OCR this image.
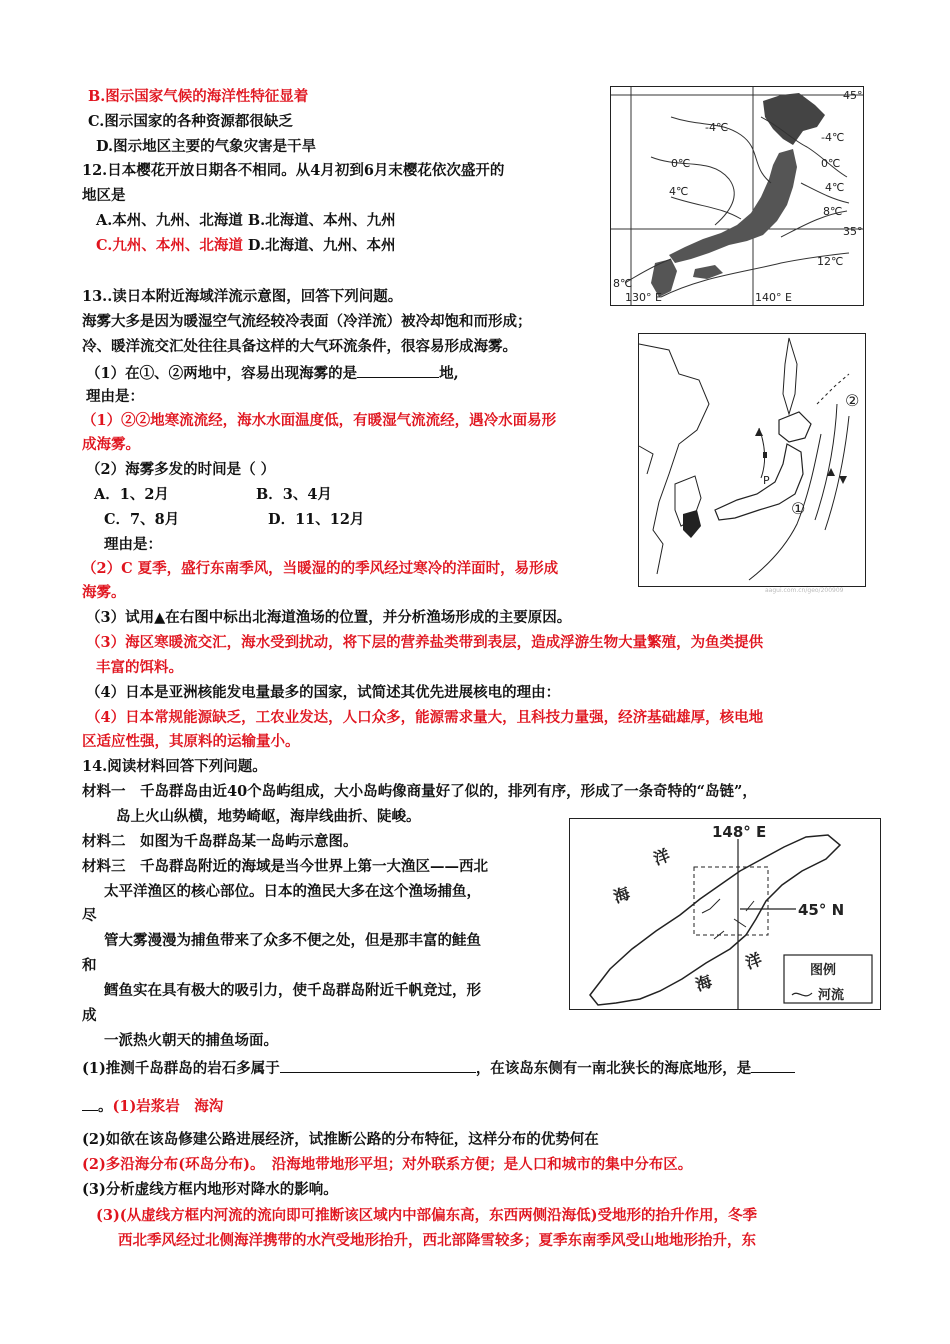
B.图示国家气候的海洋性特征显着
C.图示国家的各种资源都很缺乏
D.图示地区主要的气象灾害是干旱
12.日本樱花开放日期各不相同。从4月初到6月末樱花依次盛开的
地区是
A.本州、九州、北海道 B.北海道、本州、九州
C.九州、本州、北海道 D.北海道、九州、本州
45°
-4℃
-4℃
0℃	0℃
4℃	4℃
8℃
35°
12℃
8℃
130° E	140° E
13..读日本附近海域洋流示意图，回答下列问题。
海雾大多是因为暖湿空气流经较冷表面（冷洋流）被冷却饱和而形成；
冷、暖洋流交汇处往往具备这样的大气环流条件，很容易形成海雾。
（1）在①、②两地中，容易出现海雾的是	地,
理由是：
（1）②②地寒流流经，海水水面温度低，有暖湿气流流经，遇冷水面易形
成海雾。
（2）海雾多发的时间是（ ）
A．1、2月	B．3、4月
C．7、8月	D．11、12月
理由是：
（2）C 夏季，盛行东南季风，当暖湿的的季风经过寒冷的洋面时，易形成
海雾。
P
①
②
aagui.com.cn/geo/200909
（3）试用▲在右图中标出北海道渔场的位置，并分析渔场形成的主要原因。
（3）海区寒暖流交汇，海水受到扰动，将下层的营养盐类带到表层，造成浮游生物大量繁殖，为鱼类提供
丰富的饵料。
（4）日本是亚洲核能发电量最多的国家，试简述其优先进展核电的理由：
（4）日本常规能源缺乏，工农业发达，人口众多，能源需求量大，且科技力量强，经济基础雄厚，核电地
区适应性强，其原料的运输量小。
14.阅读材料回答下列问题。
材料一　千岛群岛由近40个岛屿组成，大小岛屿像商量好了似的，排列有序，形成了一条奇特的“岛链”，
岛上火山纵横，地势崎岖，海岸线曲折、陡峻。
材料二　如图为千岛群岛某一岛屿示意图。
材料三　千岛群岛附近的海域是当今世界上第一大渔区——西北
太平洋渔区的核心部位。日本的渔民大多在这个渔场捕鱼，
尽
管大雾漫漫为捕鱼带来了众多不便之处，但是那丰富的鲑鱼
和
鳕鱼实在具有极大的吸引力，使千岛群岛附近千帆竞过，形
成
一派热火朝天的捕鱼场面。
148° E
45° N
洋
海
洋
海
图例
河流
(1)推测千岛群岛的岩石多属于	，在该岛东侧有一南北狭长的海底地形，是
。(1)岩浆岩　海沟
(2)如欲在该岛修建公路进展经济，试推断公路的分布特征，这样分布的优势何在
(2)多沿海分布(环岛分布)。　沿海地带地形平坦；对外联系方便；是人口和城市的集中分布区。
(3)分析虚线方框内地形对降水的影响。
(3)(从虚线方框内河流的流向即可推断该区域内中部偏东高，东西两侧沿海低)受地形的抬升作用，冬季
西北季风经过北侧海洋携带的水汽受地形抬升，西北部降雪较多；夏季东南季风受山地地形抬升，东
